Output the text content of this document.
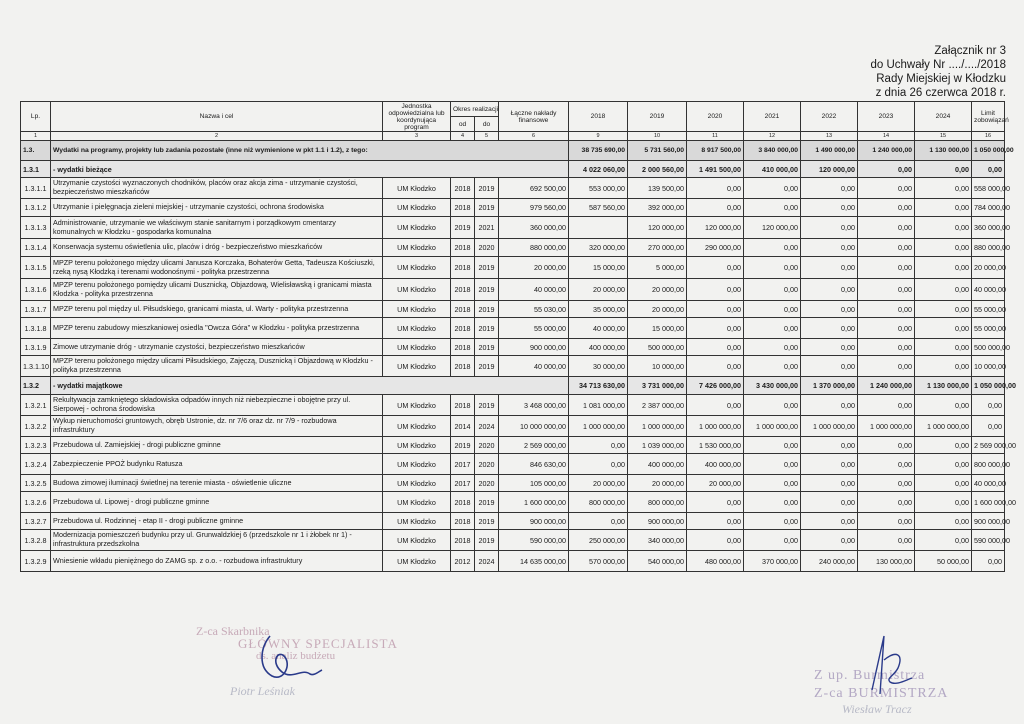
Załącznik nr 3
do Uchwały Nr ..../..../2018
Rady Miejskiej w Kłodzku
z dnia 26 czerwca 2018 r.
Lp.	Nazwa i cel	Jednostka odpowiedzialna lub koordynująca program	Okres realizacji		Łączne nakłady finansowe	2018	2019	2020	2021	2022	2023	2024	Limit zobowiązań	
			od	do										
1	2	3	4	5	6	9	10	11	12	13	14	15	16	
1.3.	Wydatki na programy, projekty lub zadania pozostałe (inne niż wymienione w pkt 1.1 i 1.2), z tego:					38 735 690,00	5 731 560,00	8 917 500,00	3 840 000,00	1 490 000,00	1 240 000,00	1 130 000,00	1 050 000,00	
1.3.1	- wydatki bieżące					4 022 060,00	2 000 560,00	1 491 500,00	410 000,00	120 000,00	0,00	0,00	0,00	
1.3.1.1	Utrzymanie czystości wyznaczonych chodników, placów oraz akcja zima - utrzymanie czystości, bezpieczeństwo mieszkańców	UM Kłodzko	2018	2019	692 500,00	553 000,00	139 500,00	0,00	0,00	0,00	0,00	0,00	558 000,00	
1.3.1.2	Utrzymanie i pielęgnacja zieleni miejskiej - utrzymanie czystości, ochrona środowiska	UM Kłodzko	2018	2019	979 560,00	587 560,00	392 000,00	0,00	0,00	0,00	0,00	0,00	784 000,00	
1.3.1.3	Administrowanie, utrzymanie we właściwym stanie sanitarnym i porządkowym cmentarzy komunalnych w Kłodzku - gospodarka komunalna	UM Kłodzko	2019	2021	360 000,00		120 000,00	120 000,00	120 000,00	0,00	0,00	0,00	360 000,00	
1.3.1.4	Konserwacja systemu oświetlenia ulic, placów i dróg - bezpieczeństwo mieszkańców	UM Kłodzko	2018	2020	880 000,00	320 000,00	270 000,00	290 000,00	0,00	0,00	0,00	0,00	880 000,00	
1.3.1.5	MPZP terenu położonego między ulicami Janusza Korczaka, Bohaterów Getta, Tadeusza Kościuszki, rzeką nysą Kłodzką i terenami wodonośnymi - polityka przestrzenna	UM Kłodzko	2018	2019	20 000,00	15 000,00	5 000,00	0,00	0,00	0,00	0,00	0,00	20 000,00	
1.3.1.6	MPZP terenu położonego pomiędzy ulicami Dusznicką, Objazdową, Wielisławską i granicami miasta Kłodzka - polityka przestrzenna	UM Kłodzko	2018	2019	40 000,00	20 000,00	20 000,00	0,00	0,00	0,00	0,00	0,00	40 000,00	
1.3.1.7	MPZP terenu pol między ul. Piłsudskiego, granicami miasta, ul. Warty - polityka przestrzenna	UM Kłodzko	2018	2019	55 030,00	35 000,00	20 000,00	0,00	0,00	0,00	0,00	0,00	55 000,00	
1.3.1.8	MPZP terenu zabudowy mieszkaniowej osiedla "Owcza Góra" w Kłodzku - polityka przestrzenna	UM Kłodzko	2018	2019	55 000,00	40 000,00	15 000,00	0,00	0,00	0,00	0,00	0,00	55 000,00	
1.3.1.9	Zimowe utrzymanie dróg - utrzymanie czystości, bezpieczeństwo mieszkańców	UM Kłodzko	2018	2019	900 000,00	400 000,00	500 000,00	0,00	0,00	0,00	0,00	0,00	500 000,00	
1.3.1.10	MPZP terenu położonego między ulicami Piłsudskiego, Zajęczą, Dusznicką i Objazdową w Kłodzku - polityka przestrzenna	UM Kłodzko	2018	2019	40 000,00	30 000,00	10 000,00	0,00	0,00	0,00	0,00	0,00	10 000,00	
1.3.2	- wydatki majątkowe					34 713 630,00	3 731 000,00	7 426 000,00	3 430 000,00	1 370 000,00	1 240 000,00	1 130 000,00	1 050 000,00	
1.3.2.1	Rekultywacja zamkniętego składowiska odpadów innych niż niebezpieczne i obojętne przy ul. Sierpowej - ochrona środowiska	UM Kłodzko	2018	2019	3 468 000,00	1 081 000,00	2 387 000,00	0,00	0,00	0,00	0,00	0,00	0,00	
1.3.2.2	Wykup nieruchomości gruntowych, obręb Ustronie, dz. nr 7/6 oraz dz. nr 7/9 - rozbudowa infrastruktury	UM Kłodzko	2014	2024	10 000 000,00	1 000 000,00	1 000 000,00	1 000 000,00	1 000 000,00	1 000 000,00	1 000 000,00	1 000 000,00	0,00	
1.3.2.3	Przebudowa ul. Zamiejskiej - drogi publiczne gminne	UM Kłodzko	2019	2020	2 569 000,00	0,00	1 039 000,00	1 530 000,00	0,00	0,00	0,00	0,00	2 569 000,00	
1.3.2.4	Zabezpieczenie PPOŻ budynku Ratusza	UM Kłodzko	2017	2020	846 630,00	0,00	400 000,00	400 000,00	0,00	0,00	0,00	0,00	800 000,00	
1.3.2.5	Budowa zimowej iluminacji świetlnej na terenie miasta - oświetlenie uliczne	UM Kłodzko	2017	2020	105 000,00	20 000,00	20 000,00	20 000,00	0,00	0,00	0,00	0,00	40 000,00	
1.3.2.6	Przebudowa ul. Lipowej - drogi publiczne gminne	UM Kłodzko	2018	2019	1 600 000,00	800 000,00	800 000,00	0,00	0,00	0,00	0,00	0,00	1 600 000,00	
1.3.2.7	Przebudowa ul. Rodzinnej - etap II - drogi publiczne gminne	UM Kłodzko	2018	2019	900 000,00	0,00	900 000,00	0,00	0,00	0,00	0,00	0,00	900 000,00	
1.3.2.8	Modernizacja pomieszczeń budynku przy ul. Grunwaldzkiej 6 (przedszkole nr 1 i żłobek nr 1) - infrastruktura przedszkolna	UM Kłodzko	2018	2019	590 000,00	250 000,00	340 000,00	0,00	0,00	0,00	0,00	0,00	590 000,00	
1.3.2.9	Wniesienie wkładu pieniężnego do ZAMG sp. z o.o. - rozbudowa infrastruktury	UM Kłodzko	2012	2024	14 635 000,00	570 000,00	540 000,00	480 000,00	370 000,00	240 000,00	130 000,00	50 000,00	0,00	
Z-ca Skarbnika
GŁÓWNY SPECJALISTA
ds. analiz budżetu
Piotr Leśniak
Z up. Burmistrza
Z-ca BURMISTRZA
Wiesław Tracz
